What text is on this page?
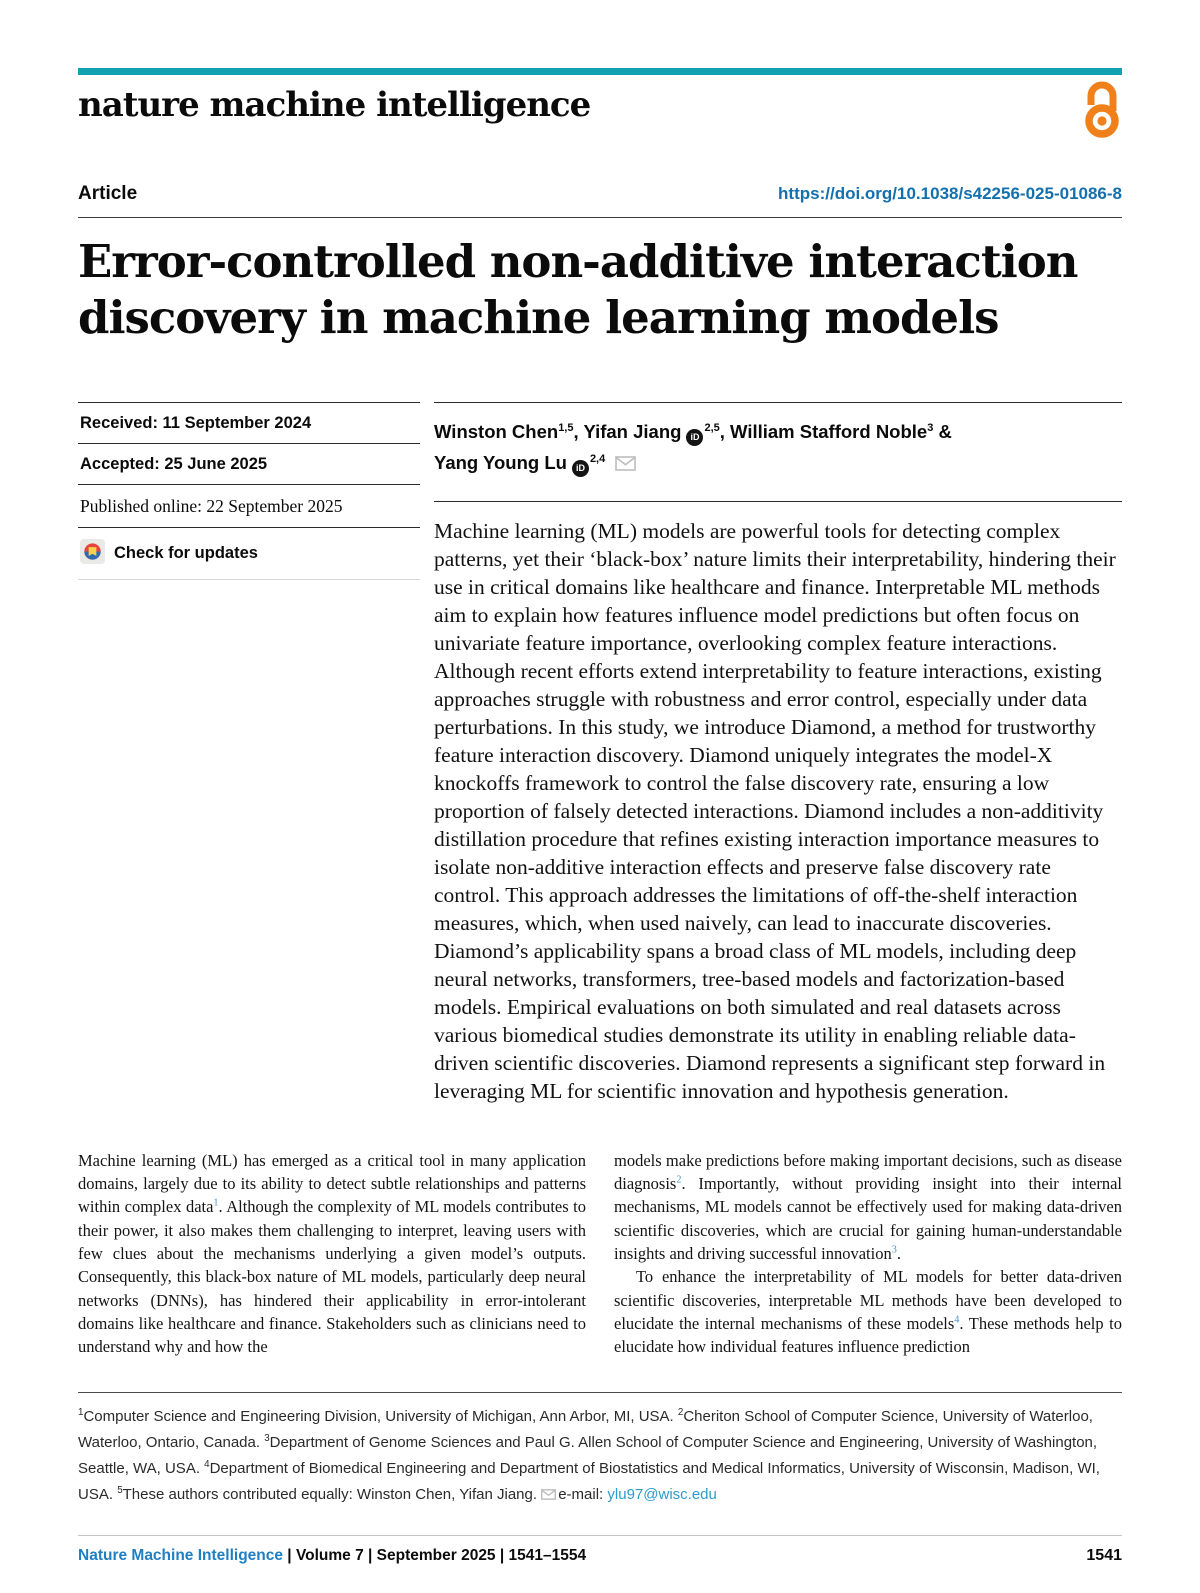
nature machine intelligence
Article	https://doi.org/10.1038/s42256-025-01086-8
Error-controlled non-additive interaction
discovery in machine learning models
Received: 11 September 2024
Accepted: 25 June 2025
Published online: 22 September 2025
Check for updates
Winston Chen$^{1,5}$, Yifan Jiang iD$^{2,5}$, William Stafford Noble$^3$ &
Yang Young Lu iD$^{2,4}$

Machine learning (ML) models are powerful tools for detecting complex patterns, yet their ‘black-box’ nature limits their interpretability, hindering their use in critical domains like healthcare and finance. Interpretable ML methods aim to explain how features influence model predictions but often focus on univariate feature importance, overlooking complex feature interactions. Although recent efforts extend interpretability to feature interactions, existing approaches struggle with robustness and error control, especially under data perturbations. In this study, we introduce Diamond, a method for trustworthy feature interaction discovery. Diamond uniquely integrates the model-X knockoffs framework to control the false discovery rate, ensuring a low proportion of falsely detected interactions. Diamond includes a non-additivity distillation procedure that refines existing interaction importance measures to isolate non-additive interaction effects and preserve false discovery rate control. This approach addresses the limitations of off-the-shelf interaction measures, which, when used naively, can lead to inaccurate discoveries. Diamond’s applicability spans a broad class of ML models, including deep neural networks, transformers, tree-based models and factorization-based models. Empirical evaluations on both simulated and real datasets across various biomedical studies demonstrate its utility in enabling reliable data-driven scientific discoveries. Diamond represents a significant step forward in leveraging ML for scientific innovation and hypothesis generation.

Machine learning (ML) has emerged as a critical tool in many application domains, largely due to its ability to detect subtle relationships and patterns within complex data$^1$. Although the complexity of ML models contributes to their power, it also makes them challenging to interpret, leaving users with few clues about the mechanisms underlying a given model’s outputs. Consequently, this black-box nature of ML models, particularly deep neural networks (DNNs), has hindered their applicability in error-intolerant domains like healthcare and finance. Stakeholders such as clinicians need to understand why and how the

models make predictions before making important decisions, such as disease diagnosis$^2$. Importantly, without providing insight into their internal mechanisms, ML models cannot be effectively used for making data-driven scientific discoveries, which are crucial for gaining human-understandable insights and driving successful innovation$^3$.

To enhance the interpretability of ML models for better data-driven scientific discoveries, interpretable ML methods have been developed to elucidate the internal mechanisms of these models$^4$. These methods help to elucidate how individual features influence prediction

$^1$Computer Science and Engineering Division, University of Michigan, Ann Arbor, MI, USA. $^2$Cheriton School of Computer Science, University of Waterloo, Waterloo, Ontario, Canada. $^3$Department of Genome Sciences and Paul G. Allen School of Computer Science and Engineering, University of Washington, Seattle, WA, USA. $^4$Department of Biomedical Engineering and Department of Biostatistics and Medical Informatics, University of Wisconsin, Madison, WI, USA. $^5$These authors contributed equally: Winston Chen, Yifan Jiang. e-mail: ylu97@wisc.edu

Nature Machine Intelligence | Volume 7 | September 2025 | 1541–1554	1541
